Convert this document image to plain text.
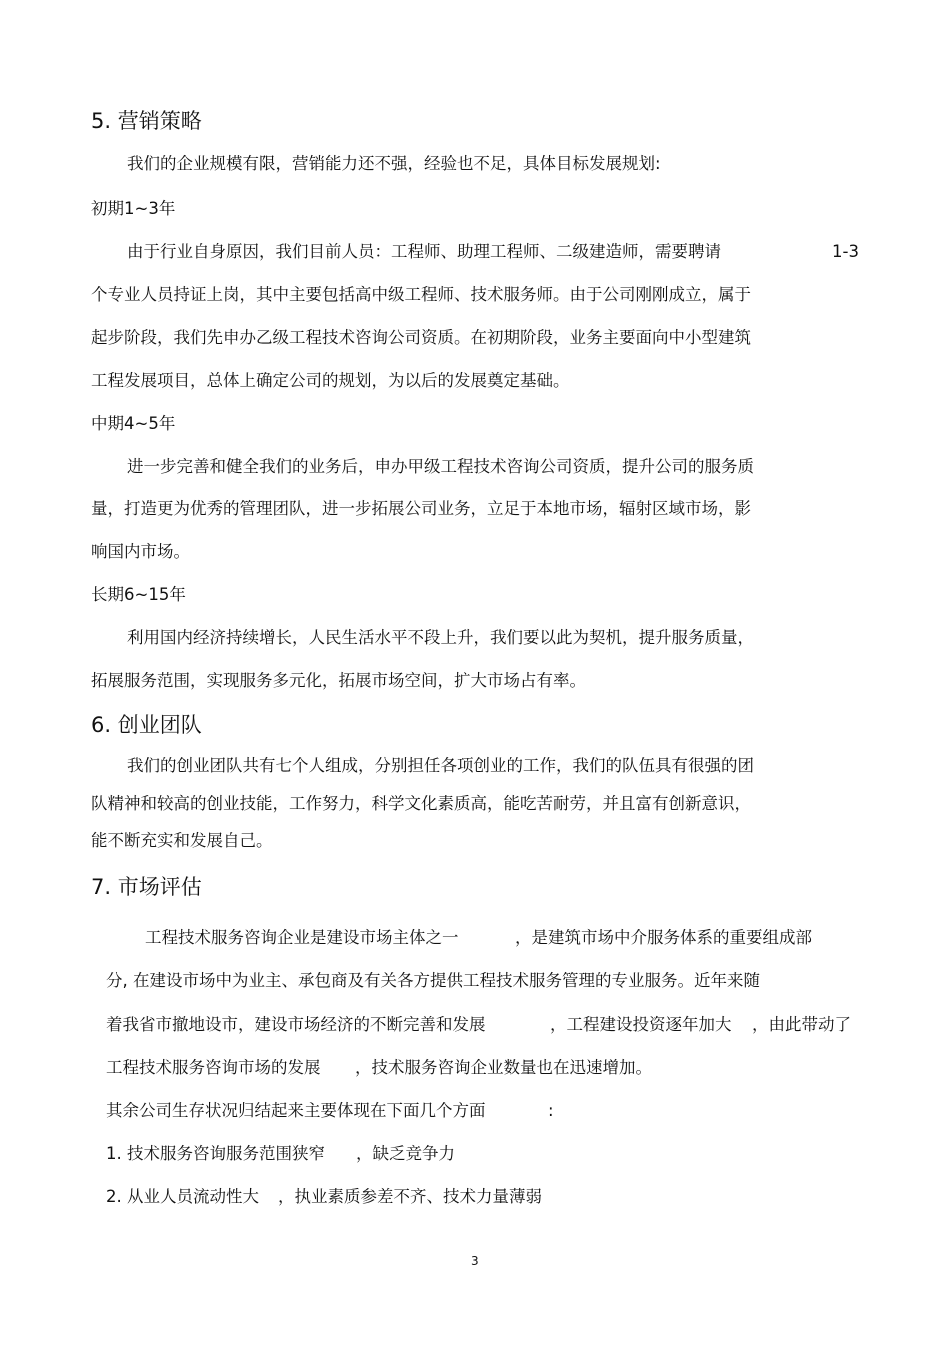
5. 营销策略
我们的企业规模有限，营销能力还不强，经验也不足，具体目标发展规划:
初期1~3年
由于行业自身原因，我们目前人员：工程师、助理工程师、二级建造师，需要聘请	1-3
个专业人员持证上岗，其中主要包括高中级工程师、技术服务师。由于公司刚刚成立，属于
起步阶段，我们先申办乙级工程技术咨询公司资质。在初期阶段，业务主要面向中小型建筑
工程发展项目，总体上确定公司的规划，为以后的发展奠定基础。
中期4~5年
进一步完善和健全我们的业务后，申办甲级工程技术咨询公司资质，提升公司的服务质
量，打造更为优秀的管理团队，进一步拓展公司业务，立足于本地市场，辐射区域市场，影
响国内市场。
长期6~15年
利用国内经济持续增长，人民生活水平不段上升，我们要以此为契机，提升服务质量，
拓展服务范围，实现服务多元化，拓展市场空间，扩大市场占有率。
6. 创业团队
我们的创业团队共有七个人组成，分别担任各项创业的工作，我们的队伍具有很强的团
队精神和较高的创业技能，工作努力，科学文化素质高，能吃苦耐劳，并且富有创新意识，
能不断充实和发展自己。
7. 市场评估
工程技术服务咨询企业是建设市场主体之一	，是建筑市场中介服务体系的重要组成部
分, 在建设市场中为业主、承包商及有关各方提供工程技术服务管理的专业服务。近年来随
着我省市撤地设市，建设市场经济的不断完善和发展	，工程建设投资逐年加大 ，由此带动了
工程技术服务咨询市场的发展 ，技术服务咨询企业数量也在迅速增加。
其余公司生存状况归结起来主要体现在下面几个方面	:
1. 技术服务咨询服务范围狭窄 ，缺乏竞争力
2. 从业人员流动性大 ，执业素质参差不齐、技术力量薄弱
3
